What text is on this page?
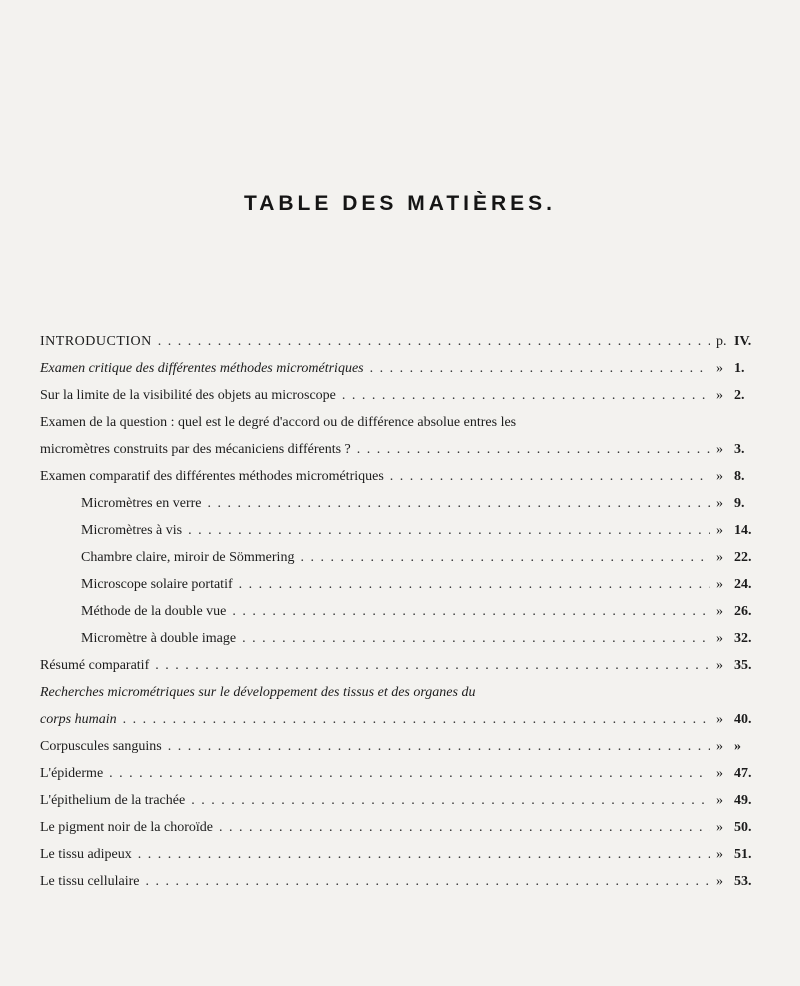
TABLE DES MATIÈRES.
INTRODUCTION . . .	p. IV.
Examen critique des différentes méthodes micrométriques . . .	» 1.
Sur la limite de la visibilité des objets au microscope . . .	» 2.
Examen de la question : quel est le degré d'accord ou de différence absolue entres les
micromètres construits par des mécaniciens différents ? . . .	» 3.
Examen comparatif des différentes méthodes micrométriques . . .	» 8.
Micromètres en verre . . .	» 9.
Micromètres à vis . . .	» 14.
Chambre claire, miroir de Sömmering . . .	» 22.
Microscope solaire portatif . . .	» 24.
Méthode de la double vue . . .	» 26.
Micromètre à double image . . .	» 32.
Résumé comparatif . . .	» 35.
Recherches micrométriques sur le développement des tissus et des organes du
corps humain . . .	» 40.
Corpuscules sanguins . . .	» »
L'épiderme . . .	» 47.
L'épithelium de la trachée . . .	» 49.
Le pigment noir de la choroïde . . .	» 50.
Le tissu adipeux . . .	» 51.
Le tissu cellulaire . . .	» 53.
